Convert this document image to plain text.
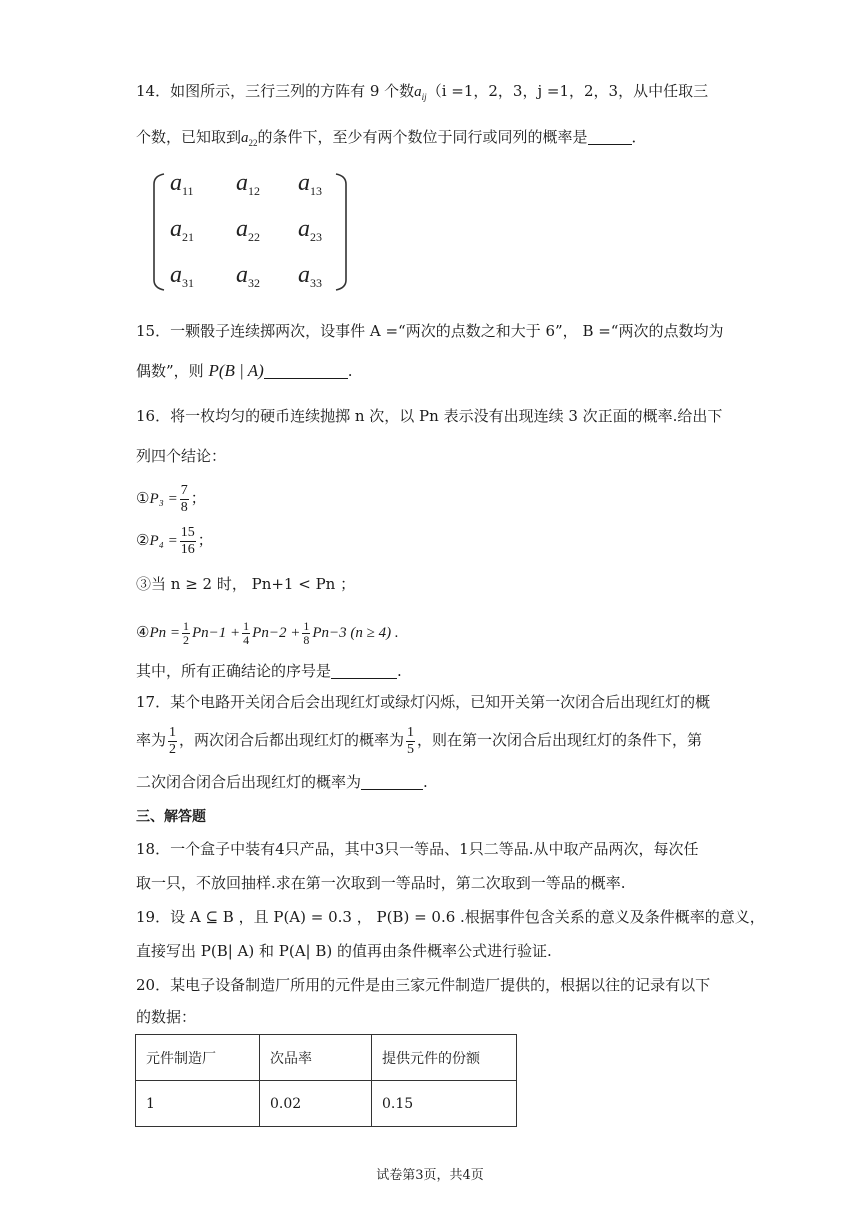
14．如图所示，三行三列的方阵有 9 个数$a_{ij}(i =1$，2，3，j =1，2，3，从中任取三
个数，已知取到$a_{22}$的条件下，至少有两个数位于同行或同列的概率是	．
$a_{11}$ $a_{12}$ $a_{13}$
$a_{21}$ $a_{22}$ $a_{23}$
$a_{31}$ $a_{32}$ $a_{33}$
15．一颗骰子连续掷两次，设事件 A =“两次的点数之和大于 6”， B =“两次的点数均为
偶数”，则 P(B | A)	.
16．将一枚均匀的硬币连续抛掷 n 次，以 Pn 表示没有出现连续 3 次正面的概率.给出下
列四个结论：
①P₃ = $\frac{7}{8}$ ；
②P₄ = $\frac{15}{16}$ ；
③当 n ≥ 2 时， Pn+1 < Pn ；
④Pn = $\frac{1}{2} Pn-1 + \frac{1}{4} Pn-2 + \frac{1}{8} Pn-3$ (n ≥ 4) .
其中，所有正确结论的序号是	.
17．某个电路开关闭合后会出现红灯或绿灯闪烁，已知开关第一次闭合后出现红灯的概
率为 $\frac{1}{2}$ ，两次闭合后都出现红灯的概率为 $\frac{1}{5}$ ，则在第一次闭合后出现红灯的条件下，第
二次闭合闭合后出现红灯的概率为	.
三、解答题
18．一个盒子中装有4只产品，其中3只一等品、1只二等品.从中取产品两次，每次任
取一只，不放回抽样.求在第一次取到一等品时，第二次取到一等品的概率.
19．设 A ⊆ B ，且 P(A) = 0.3 ， P(B) = 0.6 .根据事件包含关系的意义及条件概率的意义，
直接写出 P(B| A) 和 P(A| B) 的值再由条件概率公式进行验证.
20．某电子设备制造厂所用的元件是由三家元件制造厂提供的，根据以往的记录有以下
的数据：
元件制造厂	次品率	提供元件的份额
1	0.02	0.15
试卷第3页，共4页
